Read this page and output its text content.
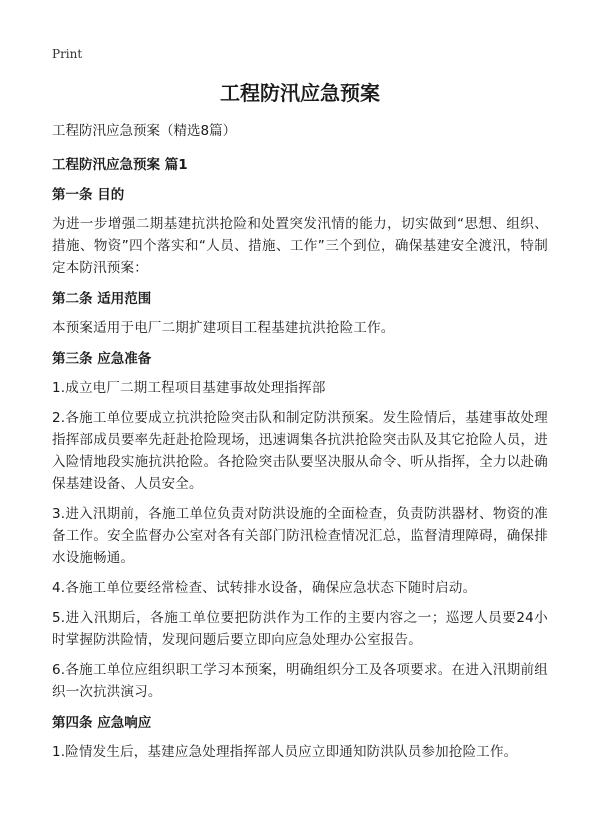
Print
工程防汛应急预案
工程防汛应急预案（精选8篇）
工程防汛应急预案 篇1
第一条 目的

为进一步增强二期基建抗洪抢险和处置突发汛情的能力，切实做到“思想、组织、措施、物资”四个落实和“人员、措施、工作”三个到位，确保基建安全渡汛，特制定本防汛预案：

第二条 适用范围

本预案适用于电厂二期扩建项目工程基建抗洪抢险工作。

第三条 应急准备

1.成立电厂二期工程项目基建事故处理指挥部

2.各施工单位要成立抗洪抢险突击队和制定防洪预案。发生险情后，基建事故处理指挥部成员要率先赶赴抢险现场，迅速调集各抗洪抢险突击队及其它抢险人员，进入险情地段实施抗洪抢险。各抢险突击队要坚决服从命令、听从指挥，全力以赴确保基建设备、人员安全。

3.进入汛期前，各施工单位负责对防洪设施的全面检查，负责防洪器材、物资的准备工作。安全监督办公室对各有关部门防汛检查情况汇总，监督清理障碍，确保排水设施畅通。

4.各施工单位要经常检查、试转排水设备，确保应急状态下随时启动。

5.进入汛期后，各施工单位要把防洪作为工作的主要内容之一；巡逻人员要24小时掌握防洪险情，发现问题后要立即向应急处理办公室报告。

6.各施工单位应组织职工学习本预案，明确组织分工及各项要求。在进入汛期前组织一次抗洪演习。

第四条 应急响应

1.险情发生后，基建应急处理指挥部人员应立即通知防洪队员参加抢险工作。
